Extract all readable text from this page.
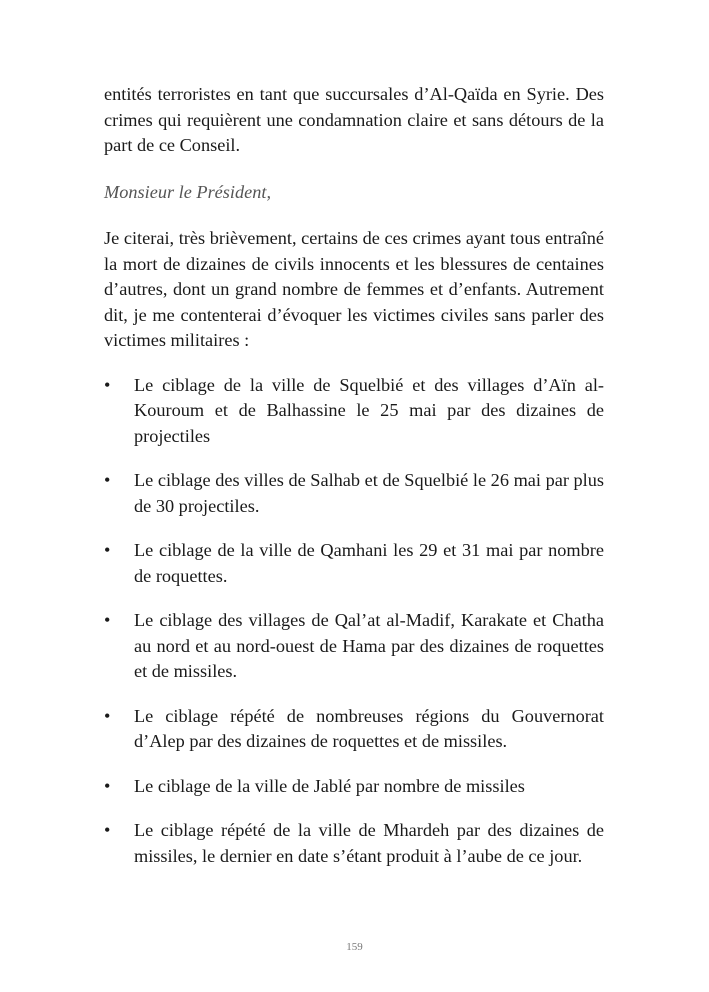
entités terroristes en tant que succursales d’Al-Qaïda en Syrie. Des crimes qui requièrent une condamnation claire et sans détours de la part de ce Conseil.

Monsieur le Président,

Je citerai, très brièvement, certains de ces crimes ayant tous entraîné la mort de dizaines de civils innocents et les blessures de centaines d’autres, dont un grand nombre de femmes et d’enfants. Autrement dit, je me contenterai d’évoquer les victimes civiles sans parler des victimes militaires :

•	Le ciblage de la ville de Squelbié et des villages d’Aïn al-Kouroum et de Balhassine le 25 mai par des dizaines de projectiles
•	Le ciblage des villes de Salhab et de Squelbié le 26 mai par plus de 30 projectiles.
•	Le ciblage de la ville de Qamhani les 29 et 31 mai par nombre de roquettes.
•	Le ciblage des villages de Qal’at al-Madif, Karakate et Chatha au nord et au nord-ouest de Hama par des dizaines de roquettes et de missiles.
•	Le ciblage répété de nombreuses régions du Gouvernorat d’Alep par des dizaines de roquettes et de missiles.
•	Le ciblage de la ville de Jablé par nombre de missiles
•	Le ciblage répété de la ville de Mhardeh par des dizaines de missiles, le dernier en date s’étant produit à l’aube de ce jour.
159
